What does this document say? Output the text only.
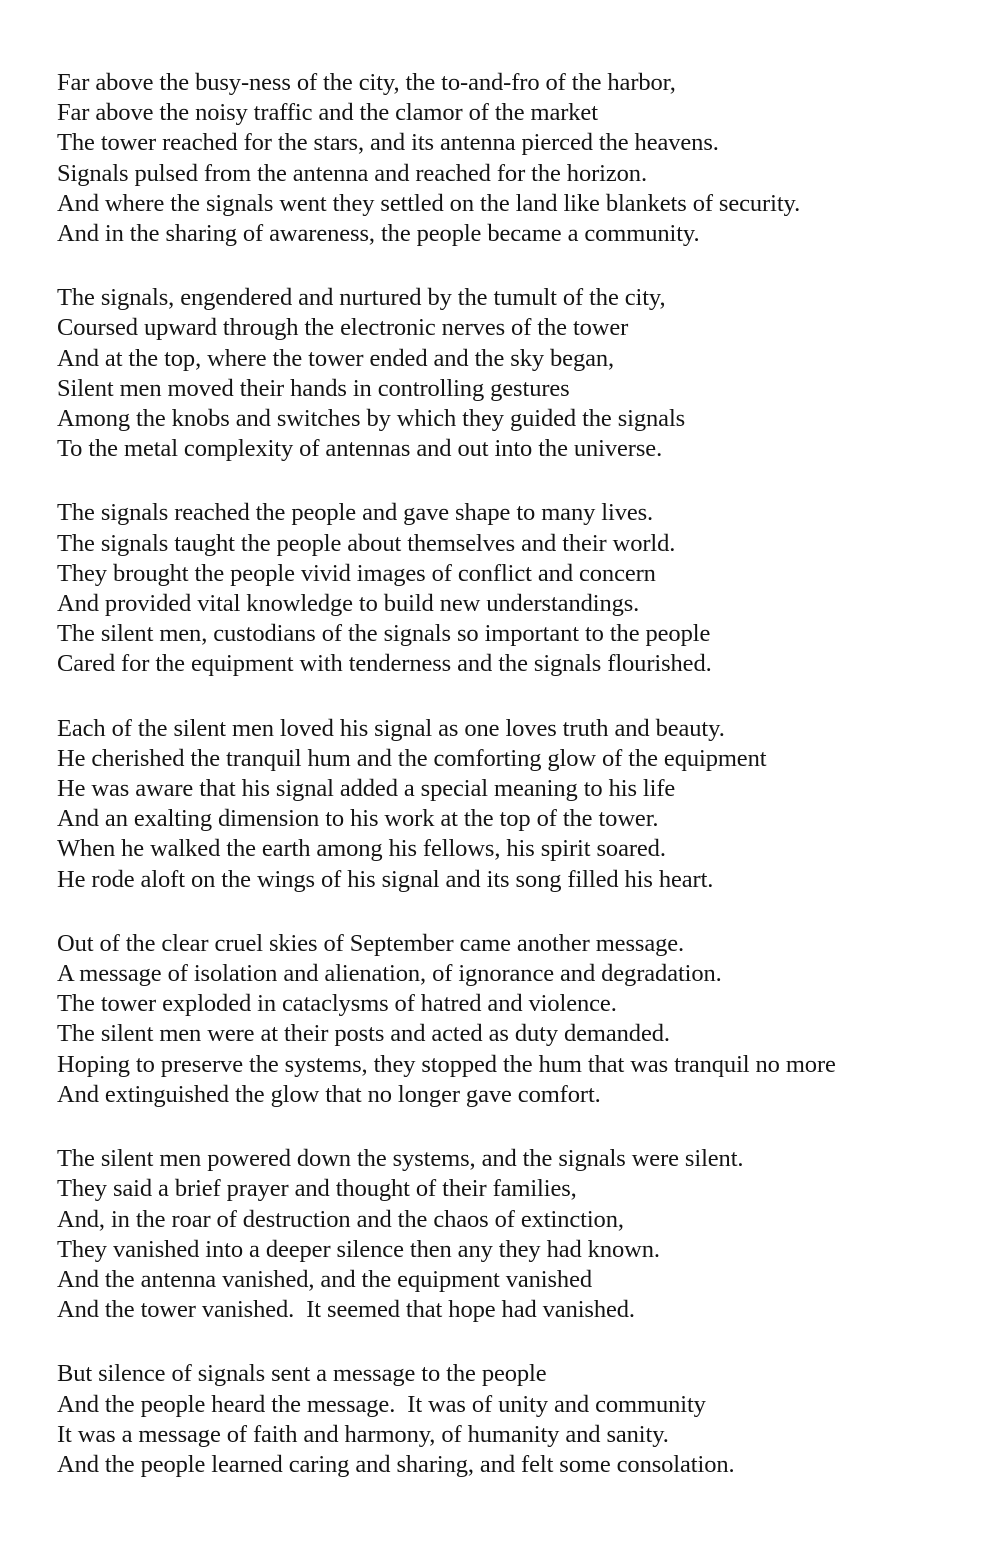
Far above the busy-ness of the city, the to-and-fro of the harbor,
Far above the noisy traffic and the clamor of the market
The tower reached for the stars, and its antenna pierced the heavens.
Signals pulsed from the antenna and reached for the horizon.
And where the signals went they settled on the land like blankets of security.
And in the sharing of awareness, the people became a community.
The signals, engendered and nurtured by the tumult of the city,
Coursed upward through the electronic nerves of the tower
And at the top, where the tower ended and the sky began,
Silent men moved their hands in controlling gestures
Among the knobs and switches by which they guided the signals
To the metal complexity of antennas and out into the universe.
The signals reached the people and gave shape to many lives.
The signals taught the people about themselves and their world.
They brought the people vivid images of conflict and concern
And provided vital knowledge to build new understandings.
The silent men, custodians of the signals so important to the people
Cared for the equipment with tenderness and the signals flourished.
Each of the silent men loved his signal as one loves truth and beauty.
He cherished the tranquil hum and the comforting glow of the equipment
He was aware that his signal added a special meaning to his life
And an exalting dimension to his work at the top of the tower.
When he walked the earth among his fellows, his spirit soared.
He rode aloft on the wings of his signal and its song filled his heart.
Out of the clear cruel skies of September came another message.
A message of isolation and alienation, of ignorance and degradation.
The tower exploded in cataclysms of hatred and violence.
The silent men were at their posts and acted as duty demanded.
Hoping to preserve the systems, they stopped the hum that was tranquil no more
And extinguished the glow that no longer gave comfort.
The silent men powered down the systems, and the signals were silent.
They said a brief prayer and thought of their families,
And, in the roar of destruction and the chaos of extinction,
They vanished into a deeper silence then any they had known.
And the antenna vanished, and the equipment vanished
And the tower vanished.  It seemed that hope had vanished.
But silence of signals sent a message to the people
And the people heard the message.  It was of unity and community
It was a message of faith and harmony, of humanity and sanity.
And the people learned caring and sharing, and felt some consolation.
